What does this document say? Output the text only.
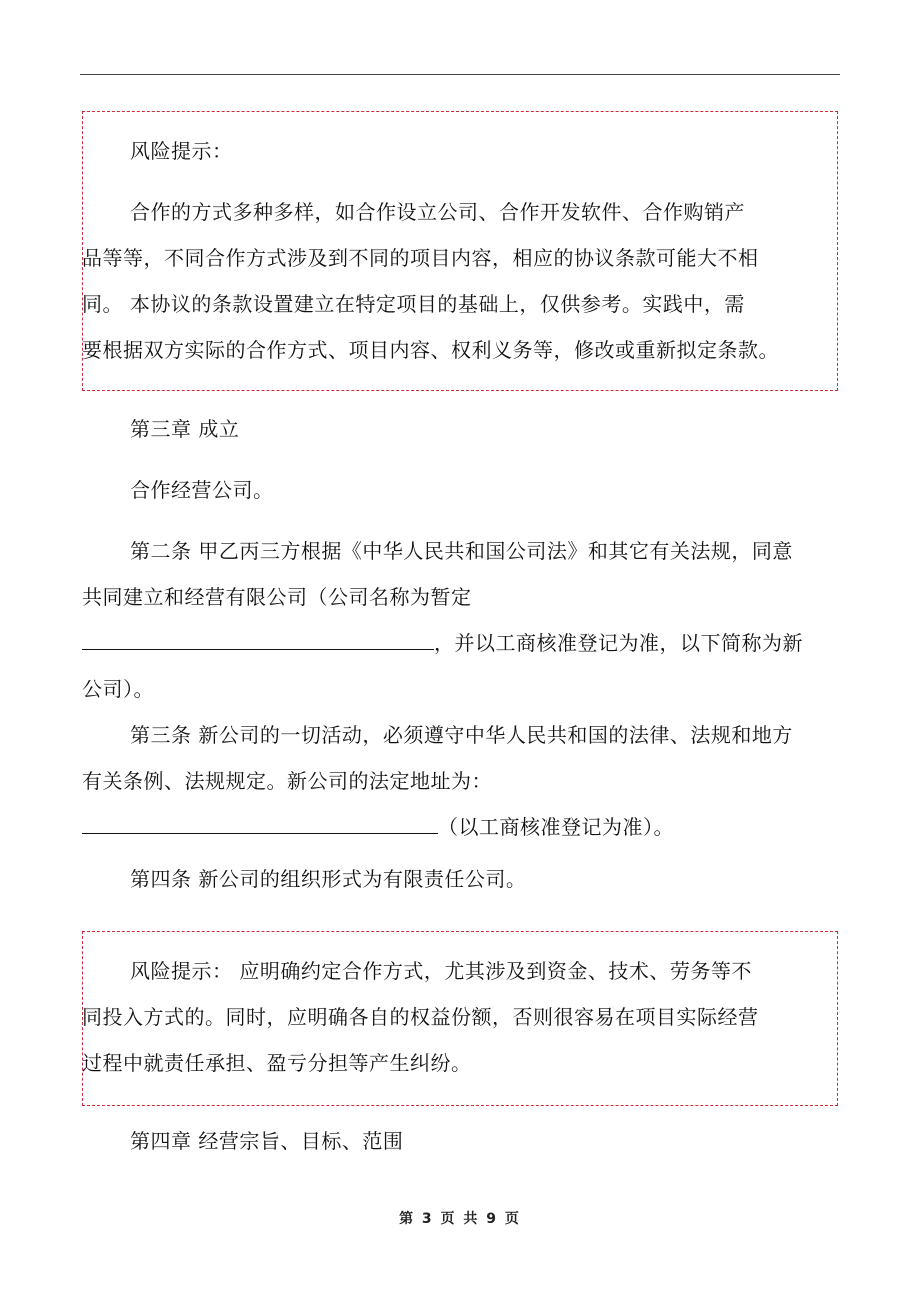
风险提示：
合作的方式多种多样，如合作设立公司、合作开发软件、合作购销产
品等等，不同合作方式涉及到不同的项目内容，相应的协议条款可能大不相
同。 本协议的条款设置建立在特定项目的基础上，仅供参考。实践中，需
要根据双方实际的合作方式、项目内容、权利义务等，修改或重新拟定条款。
第三章 成立
合作经营公司。
第二条 甲乙丙三方根据《中华人民共和国公司法》和其它有关法规，同意
共同建立和经营有限公司（公司名称为暂定
，并以工商核准登记为准，以下简称为新
公司）。
第三条 新公司的一切活动，必须遵守中华人民共和国的法律、法规和地方
有关条例、法规规定。新公司的法定地址为：
（以工商核准登记为准）。
第四条 新公司的组织形式为有限责任公司。
风险提示： 应明确约定合作方式，尤其涉及到资金、技术、劳务等不
同投入方式的。同时，应明确各自的权益份额，否则很容易在项目实际经营
过程中就责任承担、盈亏分担等产生纠纷。
第四章 经营宗旨、目标、范围
第 3 页 共 9 页
